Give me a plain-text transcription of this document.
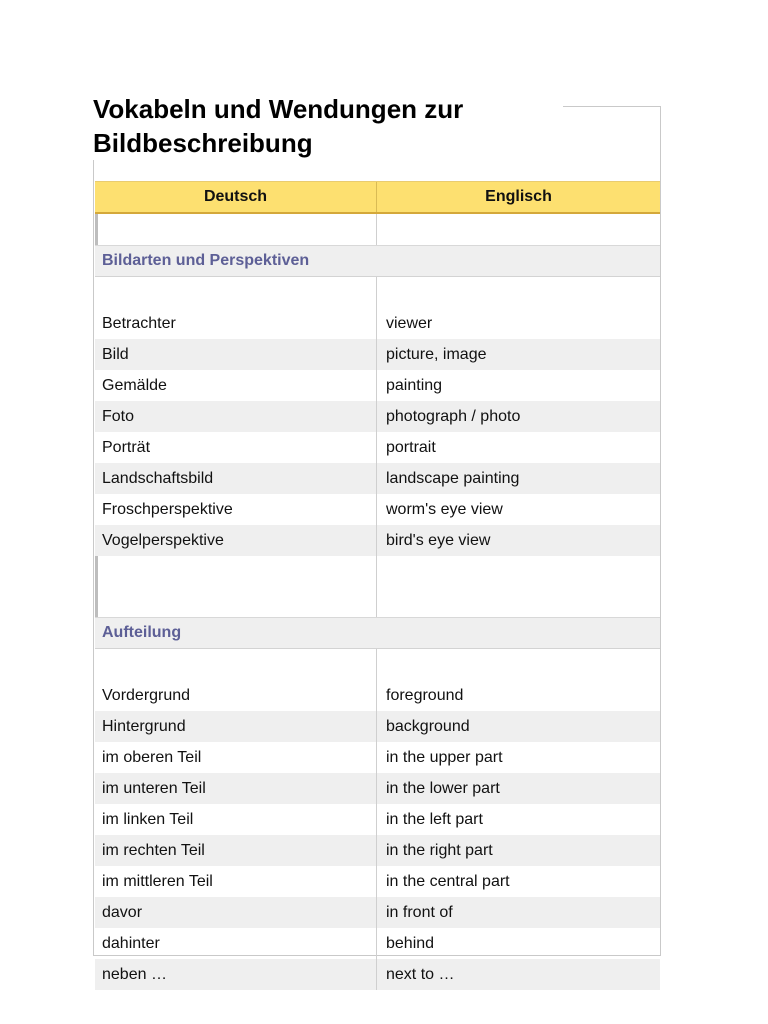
Vokabeln und Wendungen zur Bildbeschreibung
Deutsch	Englisch
Bildarten und Perspektiven
Betrachter	viewer
Bild	picture, image
Gemälde	painting
Foto	photograph / photo
Porträt	portrait
Landschaftsbild	landscape painting
Froschperspektive	worm's eye view
Vogelperspektive	bird's eye view
Aufteilung
Vordergrund	foreground
Hintergrund	background
im oberen Teil	in the upper part
im unteren Teil	in the lower part
im linken Teil	in the left part
im rechten Teil	in the right part
im mittleren Teil	in the central part
davor	in front of
dahinter	behind
neben …	next to …
